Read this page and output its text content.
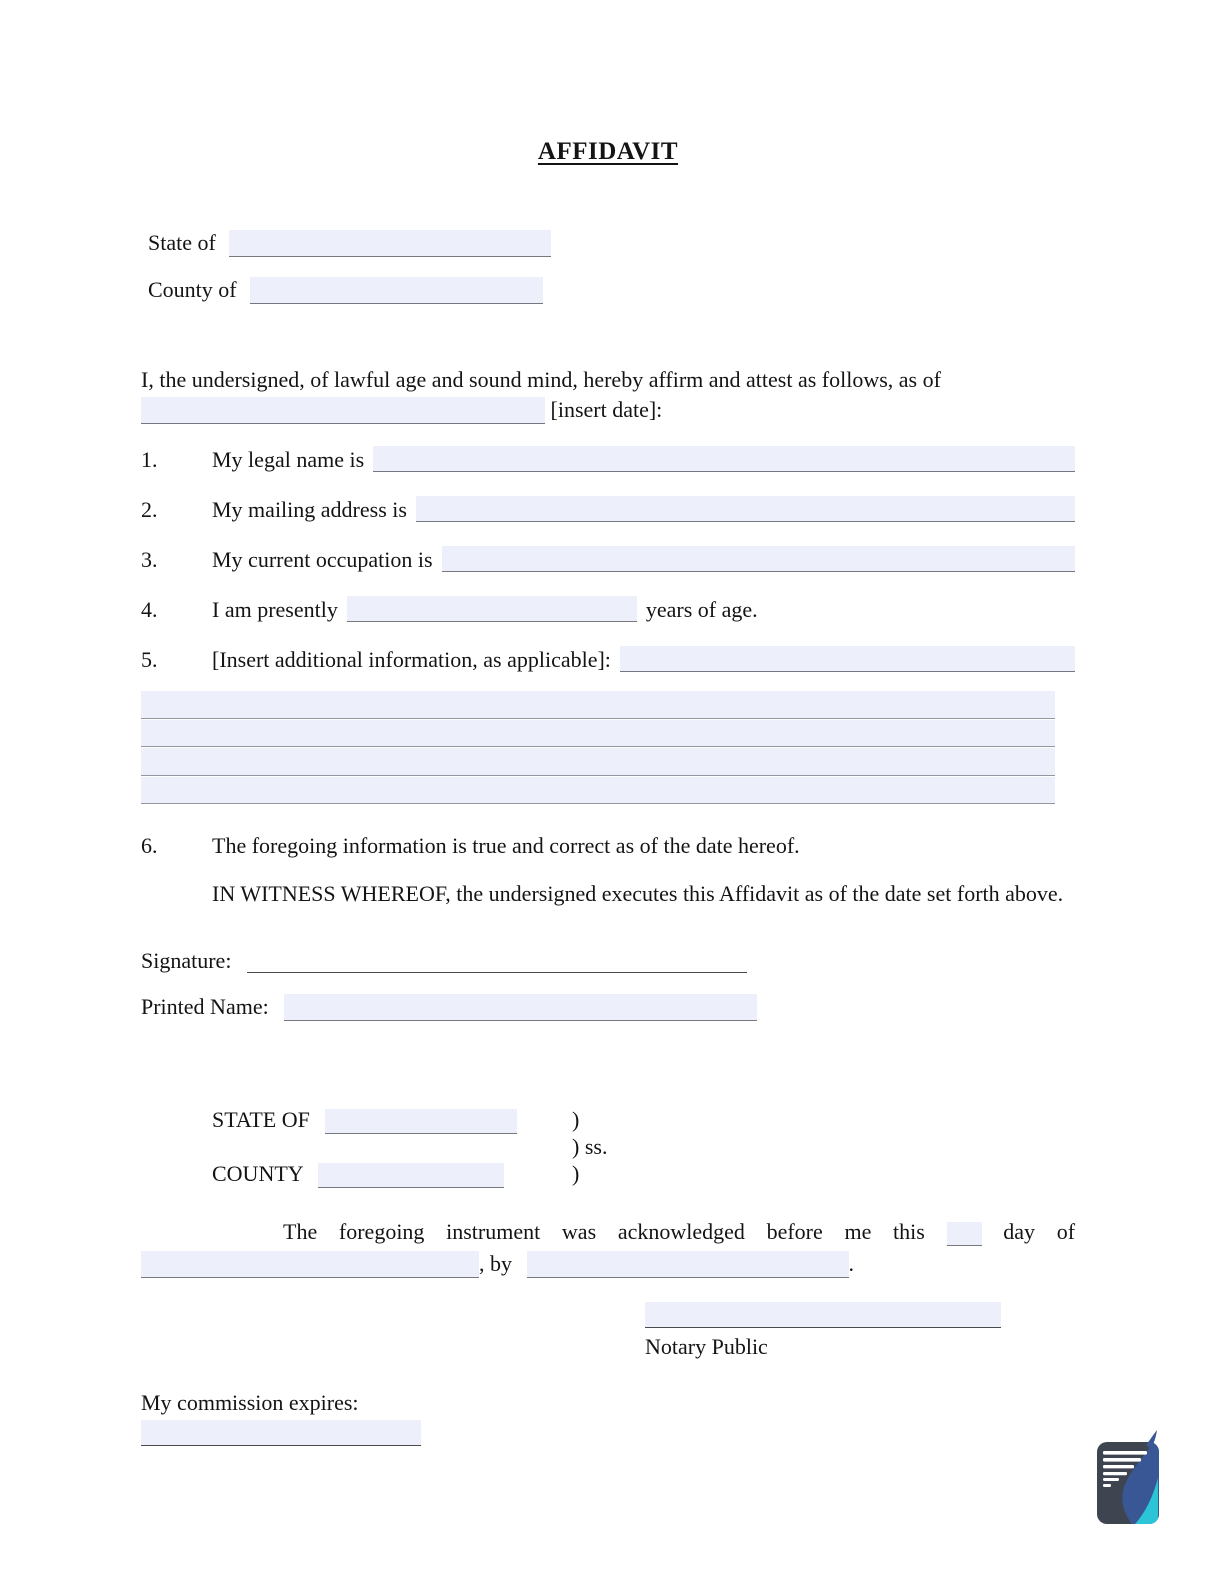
AFFIDAVIT
State of
County of
I, the undersigned, of lawful age and sound mind, hereby affirm and attest as follows, as of
[insert date]:
1.	My legal name is
2.	My mailing address is
3.	My current occupation is
4.	I am presently	years of age.
5.	[Insert additional information, as applicable]:
6.	The foregoing information is true and correct as of the date hereof.

IN WITNESS WHEREOF, the undersigned executes this Affidavit as of the date set forth above.

Signature:
Printed Name:
STATE OF	)
) ss.
COUNTY	)
The foregoing instrument was acknowledged before me this	day of
, by	.
Notary Public
My commission expires:
